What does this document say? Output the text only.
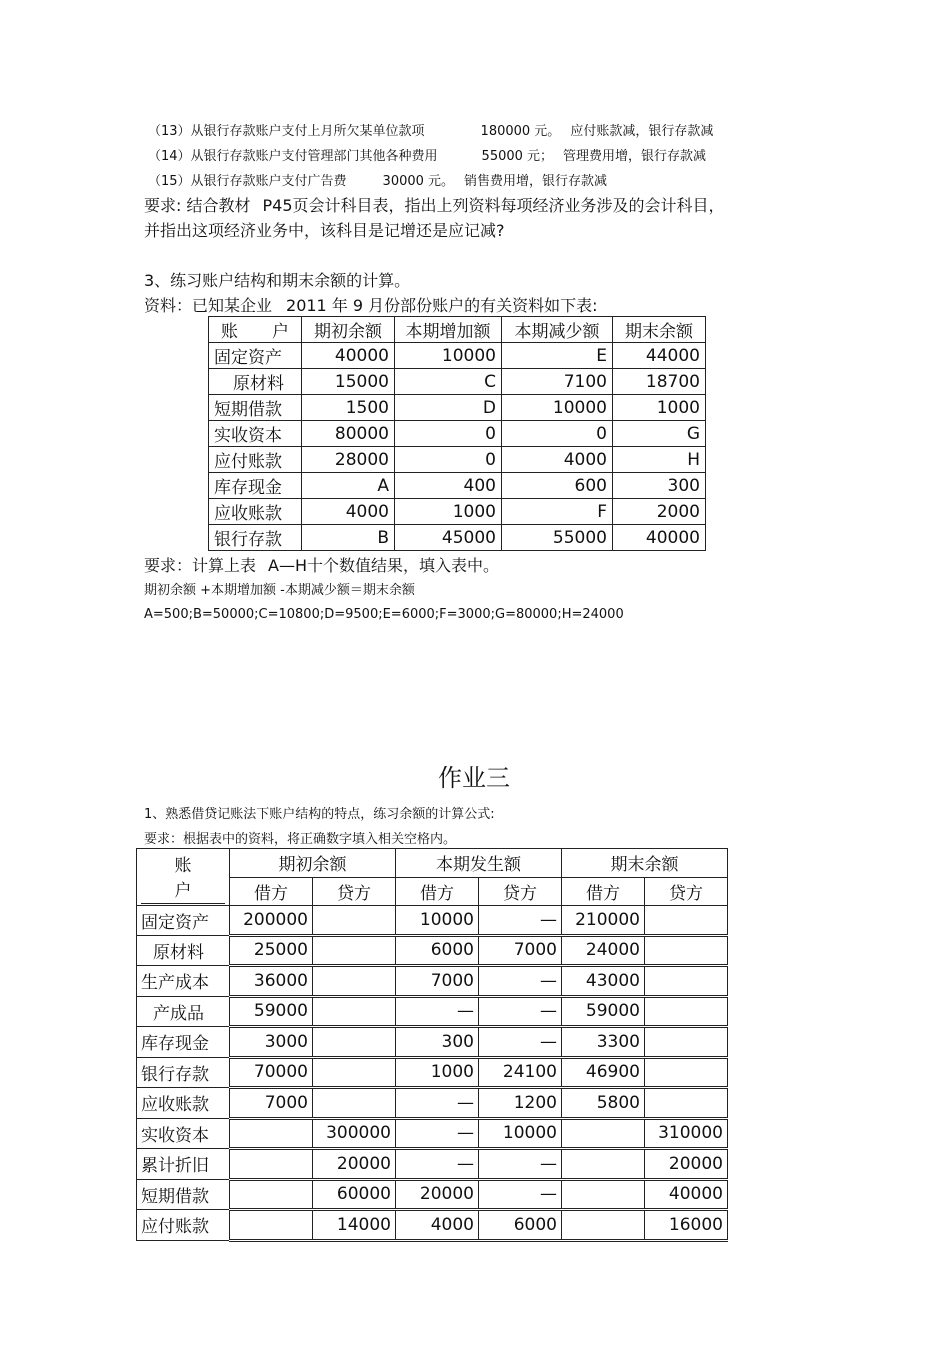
（13）从银行存款账户支付上月所欠某单位款项	180000 元。 应付账款减，银行存款减
（14）从银行存款账户支付管理部门其他各种费用	55000 元； 管理费用增，银行存款减
（15）从银行存款账户支付广告费	30000 元。 销售费用增，银行存款减
要求: 结合教材 P45页会计科目表，指出上列资料每项经济业务涉及的会计科目，
并指出这项经济业务中，该科目是记增还是应记减?
3、练习账户结构和期末余额的计算。
资料：已知某企业 2011 年 9 月份部份账户的有关资料如下表:
账　　户	期初余额	本期增加额	本期减少额	期末余额
固定资产	40000	10000	E	44000
原材料	15000	C	7100	18700
短期借款	1500	D	10000	1000
实收资本	80000	0	0	G
应付账款	28000	0	4000	H
库存现金	A	400	600	300
应收账款	4000	1000	F	2000
银行存款	B	45000	55000	40000
要求：计算上表 A—H十个数值结果，填入表中。
期初余额 +本期增加额 -本期减少额＝期末余额
A=500;B=50000;C=10800;D=9500;E=6000;F=3000;G=80000;H=24000
作业三
1、熟悉借贷记账法下账户结构的特点，练习余额的计算公式:
要求：根据表中的资料，将正确数字填入相关空格内。
账户	期初余额		本期发生额		期末余额	
	借方	贷方	借方	贷方	借方	贷方
固定资产	200000		10000	—	210000	
原材料	25000		6000	7000	24000	
生产成本	36000		7000	—	43000	
产成品	59000		—	—	59000	
库存现金	3000		300	—	3300	
银行存款	70000		1000	24100	46900	
应收账款	7000		—	1200	5800	
实收资本		300000	—	10000		310000
累计折旧		20000	—	—		20000
短期借款		60000	20000	—		40000
应付账款		14000	4000	6000		16000
